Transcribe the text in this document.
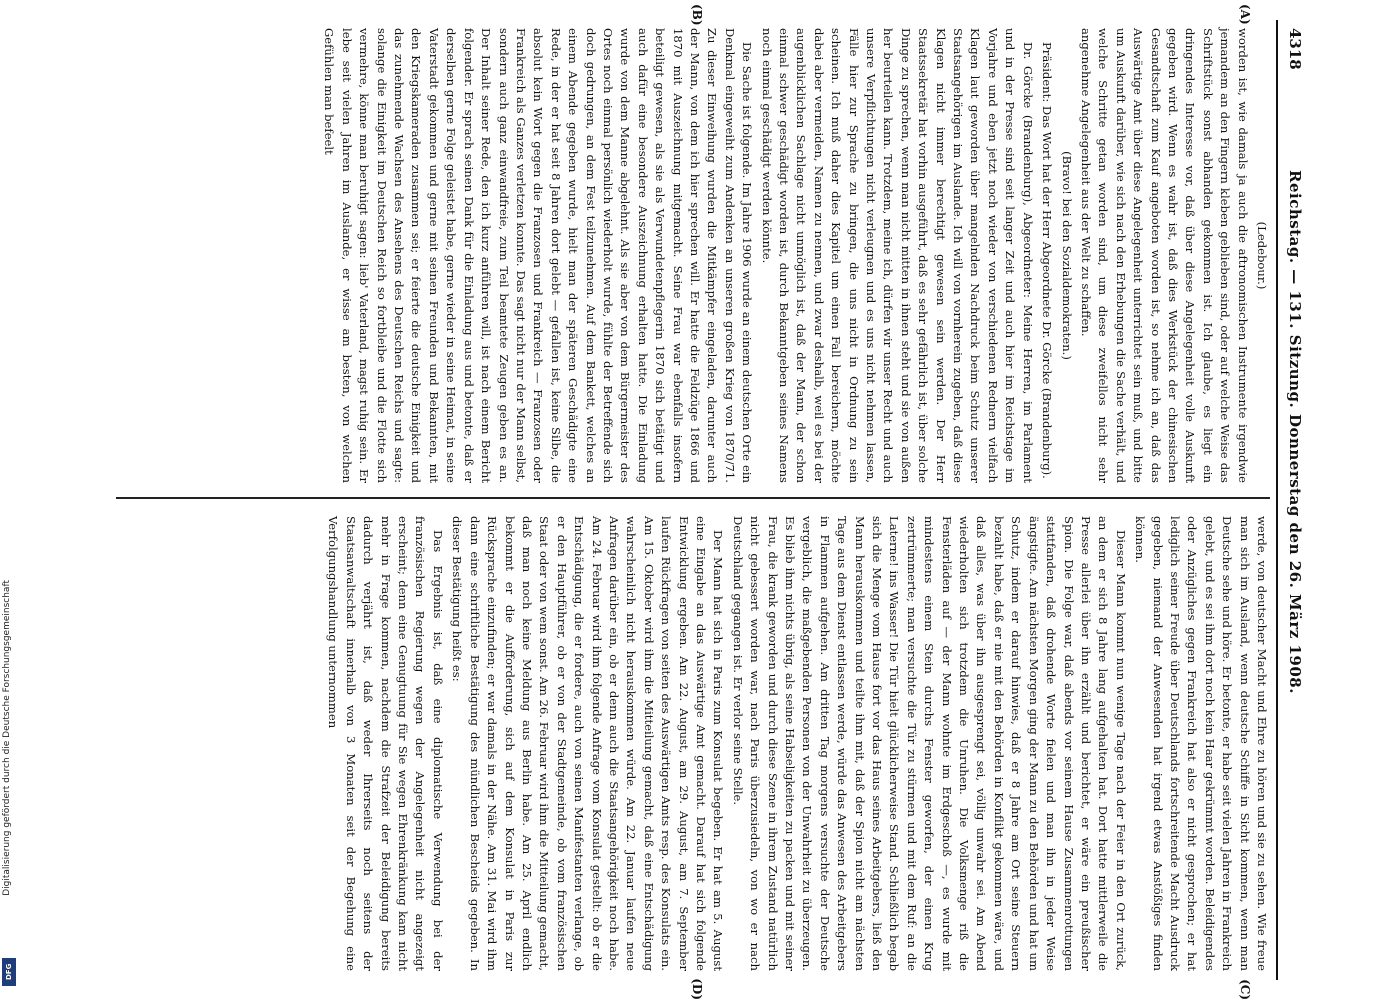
4318
Reichstag. — 131. Sitzung. Donnerstag den 26. März 1908.
(A)
(B)
(C)
(D)

(Ledebour.)

worden ist, wie damals ja auch die aftronomischen Instrumente irgendwie jemandem an den Fingern kleben geblieben sind, oder auf welche Weise das Schriftstück sonst abhanden gekommen ist. Ich glaube, es liegt ein dringendes Interesse vor, daß über diese Angelegenheit volle Auskunft gegeben wird. Wenn es wahr ist, daß dies Werkstück der chinesischen Gesandtschaft zum Kauf angeboten worden ist, so nehme ich an, daß das Auswärtige Amt über diese Angelegenheit unterrichtet sein muß, und bitte um Auskunft darüber, wie sich nach den Erhebungen die Sache verhält, und welche Schritte getan worden sind, um diese zweifellos nicht sehr angenehme Angelegenheit aus der Welt zu schaffen.

(Bravo! bei den Sozialdemokraten.)

Präsident: Das Wort hat der Herr Abgeordnete Dr. Görcke (Brandenburg).

Dr. Görcke (Brandenburg), Abgeordneter: Meine Herren, im Parlament und in der Presse sind seit langer Zeit und auch hier im Reichstage im Vorjahre und eben jetzt noch wieder von verschiedenen Rednern vielfach Klagen laut geworden über mangelnden Nachdruck beim Schutz unserer Staatsangehörigen im Auslande. Ich will von vornherein zugeben, daß diese Klagen nicht immer berechtigt gewesen sein werden. Der Herr Staatssekretär hat vorhin ausgeführt, daß es sehr gefährlich ist, über solche Dinge zu sprechen, wenn man nicht mitten in ihnen steht und sie von außen her beurteilen kann. Trotzdem, meine ich, dürfen wir unser Recht und auch unsere Verpflichtungen nicht verleugnen und es uns nicht nehmen lassen, Fälle hier zur Sprache zu bringen, die uns nicht in Ordnung zu sein scheinen. Ich muß daher dies Kapitel um einen Fall bereichern, möchte dabei aber vermeiden, Namen zu nennen, und zwar deshalb, weil es bei der augenblicklichen Sachlage nicht unmöglich ist, daß der Mann, der schon einmal schwer geschädigt worden ist, durch Bekanntgeben seines Namens noch einmal geschädigt werden könnte.

Die Sache ist folgende. Im Jahre 1906 wurde an einem deutschen Orte ein Denkmal eingeweiht zum Andenken an unseren großen Krieg von 1870/71. Zu dieser Einweihung wurden die Mitkämpfer eingeladen, darunter auch der Mann, von dem ich hier sprechen will. Er hatte die Feldzüge 1866 und 1870 mit Auszeichnung mitgemacht. Seine Frau war ebenfalls insofern beteiligt gewesen, als sie als Verwundetenpflegerin 1870 sich betätigt und auch dafür eine besondere Auszeichnung erhalten hatte. Die Einladung wurde von dem Manne abgelehnt. Als sie aber von dem Bürgermeister des Ortes noch einmal persönlich wiederholt wurde, fühlte der Betreffende sich doch gedrungen, an dem Fest teilzunehmen. Auf dem Bankett, welches an einem Abende gegeben wurde, hielt man der späteren Geschädigte eine Rede, in der er hat seit 8 Jahren dort gelebt — gefallen ist, keine Silbe, die absolut kein Wort gegen die Franzosen und Frankreich — Franzosen oder Frankreich als Ganzes verletzen konnte. Das sagt nicht nur der Mann selbst, sondern auch ganz einwandfreie, zum Teil beamtete Zeugen geben es an. Der Inhalt seiner Rede, den ich kurz anführen will, ist nach einem Bericht folgender. Er sprach seinen Dank für die Einladung aus und betonte, daß er derselben gerne Folge geleistet habe, gerne wieder in seine Heimat, in seine Vaterstadt gekommen und gerne mit seinen Freunden und Bekannten, mit den Kriegskameraden zusammen sei; er feierte die deutsche Einigkeit und das zunehmende Wachsen des Ansehens des Deutschen Reichs und sagte: solange die Einigkeit im Deutschen Reich so fortbleibe und die Flotte sich vermehre, könne man beruhigt sagen: lieb' Vaterland, magst ruhig sein. Er lebe seit vielen Jahren im Auslande, er wisse am besten, von welchen Gefühlen man befeelt

werde, von deutscher Macht und Ehre zu hören und sie zu sehen. Wie freue man sich im Ausland, wenn deutsche Schiffe in Sicht kommen, wenn man Deutsche sehe und höre. Er betonte, er habe seit vielen Jahren in Frankreich gelebt, und es sei ihm dort noch kein Haar gekrümmt worden. Beleidigendes oder Anzügliches gegen Frankreich hat also er nicht gesprochen; er hat lediglich seiner Freude über Deutschlands fortschreitende Macht Ausdruck gegeben, niemand der Anwesenden hat irgend etwas Anstößiges finden können.

Dieser Mann kommt nun wenige Tage nach der Feier in den Ort zurück, an dem er sich 8 Jahre lang aufgehalten hat. Dort hatte mittlerweile die Presse allerlei über ihn erzählt und berichtet, er wäre ein preußischer Spion. Die Folge war, daß abends vor seinem Hause Zusammenrottungen stattfanden, daß drohende Worte fielen und man ihn in jeder Weise ängstigte. Am nächsten Morgen ging der Mann zu den Behörden und hat um Schutz, indem er darauf hinwies, daß er 8 Jahre am Ort seine Steuern bezahlt habe, daß er nie mit den Behörden in Konflikt gekommen wäre, und daß alles, was über ihn ausgesprengt sei, völlig unwahr sei. Am Abend wiederholten sich trotzdem die Unruhen. Die Volksmenge riß die Fensterläden auf — der Mann wohnte im Erdgeschoß —, es wurde mit mindestens einem Stein durchs Fenster geworfen, der einen Krug zertrümmerte; man versuchte die Tür zu stürmen und mit dem Ruf: an die Laterne! ins Wasser! Die Tür hielt glücklicherweise Stand. Schließlich begab sich die Menge vom Hause fort vor das Haus seines Arbeitgebers, ließ den Mann herauskommen und teilte ihm mit, daß der Spion nicht am nächsten Tage aus dem Dienst entlassen werde, würde das Anwesen des Arbeitgebers in Flammen aufgehen. Am dritten Tag morgens versuchte der Deutsche vergeblich, die maßgebenden Personen von der Unwahrheit zu überzeugen. Es blieb ihm nichts übrig, als seine Habseligkeiten zu packen und mit seiner Frau, die krank geworden und durch diese Szene in ihrem Zustand natürlich nicht gebessert worden war, nach Paris überzusiedeln, von wo er nach Deutschland gegangen ist. Er verlor seine Stelle.

Der Mann hat sich in Paris zum Konsulat begeben. Er hat am 5. August eine Eingabe an das Auswärtige Amt gemacht. Darauf hat sich folgende Entwicklung ergeben. Am 22. August, am 29. August, am 7. September laufen Rückfragen von seiten des Auswärtigen Amts resp. des Konsulats ein. Am 15. Oktober wird ihm die Mitteilung gemacht, daß eine Entschädigung wahrscheinlich nicht herauskommen würde. Am 22. Januar laufen neue Anfragen darüber ein, ob er denn auch die Staatsangehörigkeit noch habe. Am 24. Februar wird ihm folgende Anfrage vom Konsulat gestellt: ob er die Entschädigung, die er fordere, auch von seinen Manifestanten verlange, ob er den Hauptführer, ob er von der Stadtgemeinde, ob vom französischen Staat oder von wem sonst. Am 26. Februar wird ihm die Mitteilung gemacht, daß man noch keine Meldung aus Berlin habe. Am 25. April endlich bekommt er die Aufforderung, sich auf dem Konsulat in Paris zur Rücksprache einzufinden; er war damals in der Nähe. Am 31. Mai wird ihm dann eine schriftliche Bestätigung des mündlichen Bescheids gegeben. In dieser Bestätigung heißt es:

Das Ergebnis ist, daß eine diplomatische Verwendung bei der französischen Regierung wegen der Angelegenheit nicht angezeigt erscheint; denn eine Genugtuung für Sie wegen Ehrenkränkung kam nicht mehr in Frage kommen, nachdem die Strafzeit der Beleidigung bereits dadurch verjährt ist, daß weder Ihrerseits noch seitens der Staatsanwaltschaft innerhalb von 3 Monaten seit der Begehung eine Verfolgungshandlung unternommen

Digitalisierung gefördert durch die Deutsche Forschungsgemeinschaft
DFG
